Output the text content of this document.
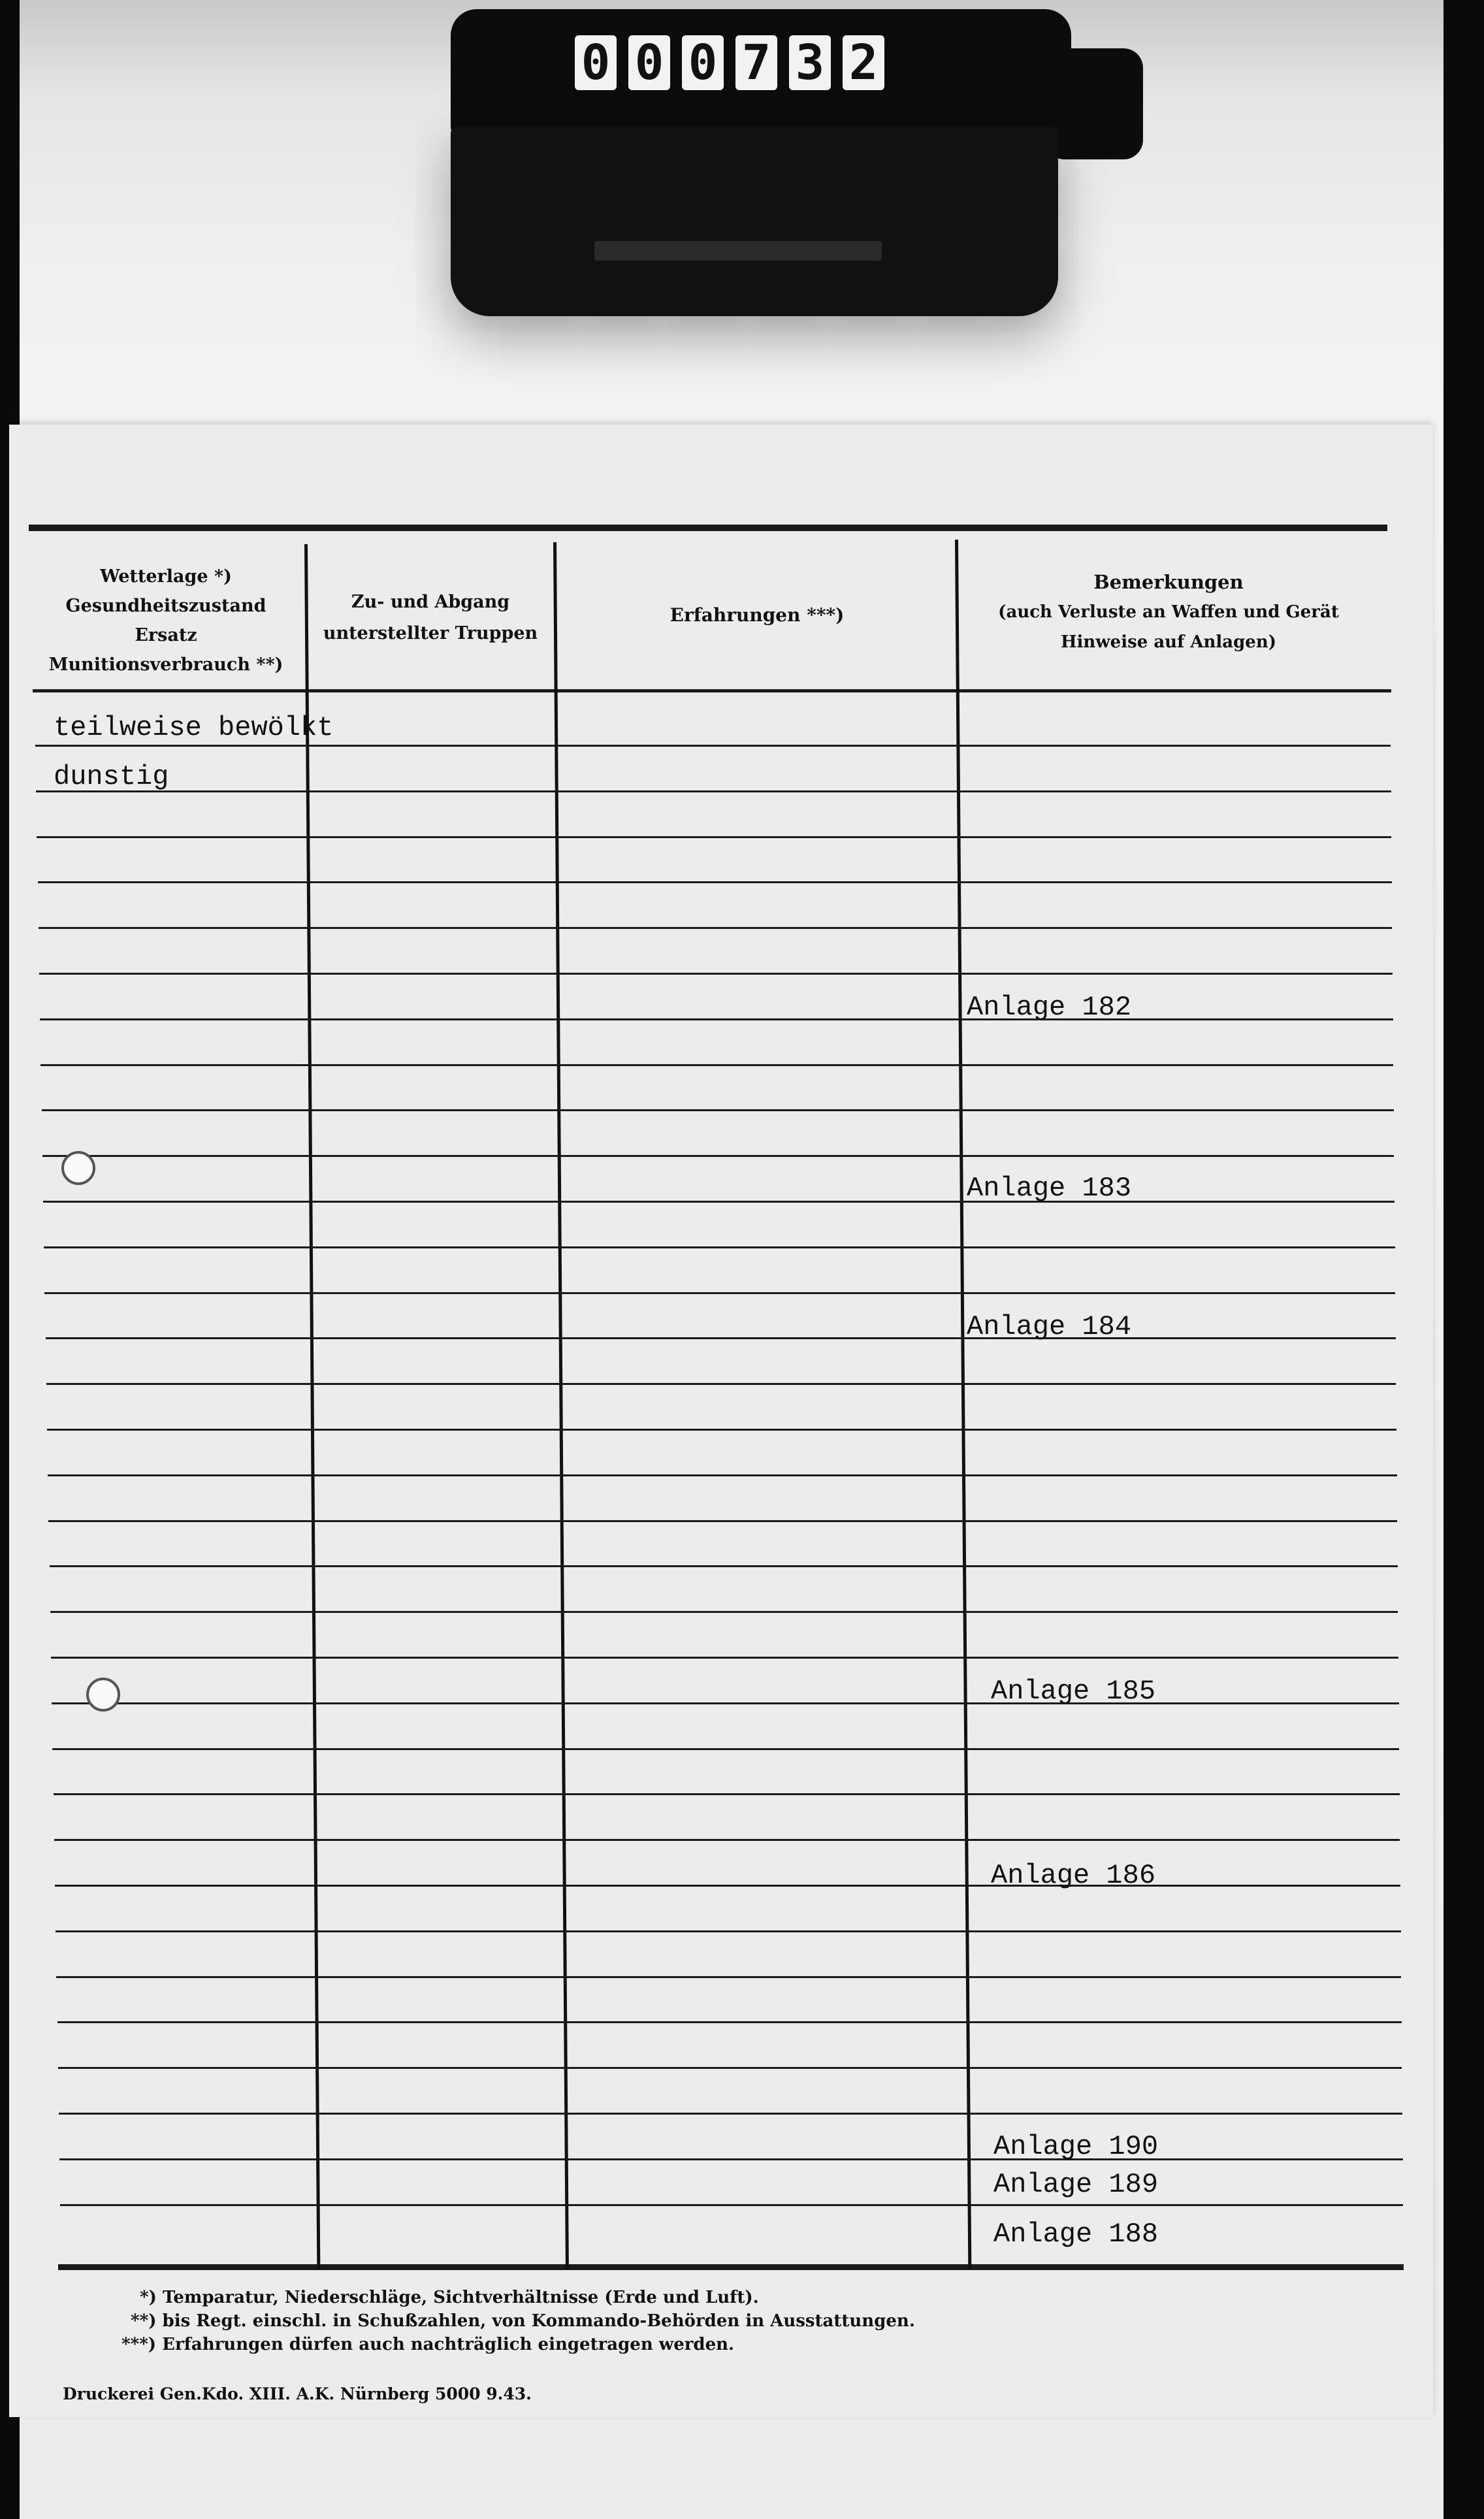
0 0 0 7 3 2
Wetterlage *)
Gesundheitszustand
Ersatz
Munitionsverbrauch **)
Zu- und Abgang
unterstellter Truppen
Erfahrungen ***)
Bemerkungen
(auch Verluste an Waffen und Gerät
Hinweise auf Anlagen)
teilweise bewölkt
dunstig
Anlage 182
Anlage 183
Anlage 184
Anlage 185
Anlage 186
Anlage 190
Anlage 189
Anlage 188
*) Temparatur, Niederschläge, Sichtverhältnisse (Erde und Luft).
**) bis Regt. einschl. in Schußzahlen, von Kommando-Behörden in Ausstattungen.
***) Erfahrungen dürfen auch nachträglich eingetragen werden.
Druckerei Gen.Kdo. XIII. A.K. Nürnberg 5000 9.43.
